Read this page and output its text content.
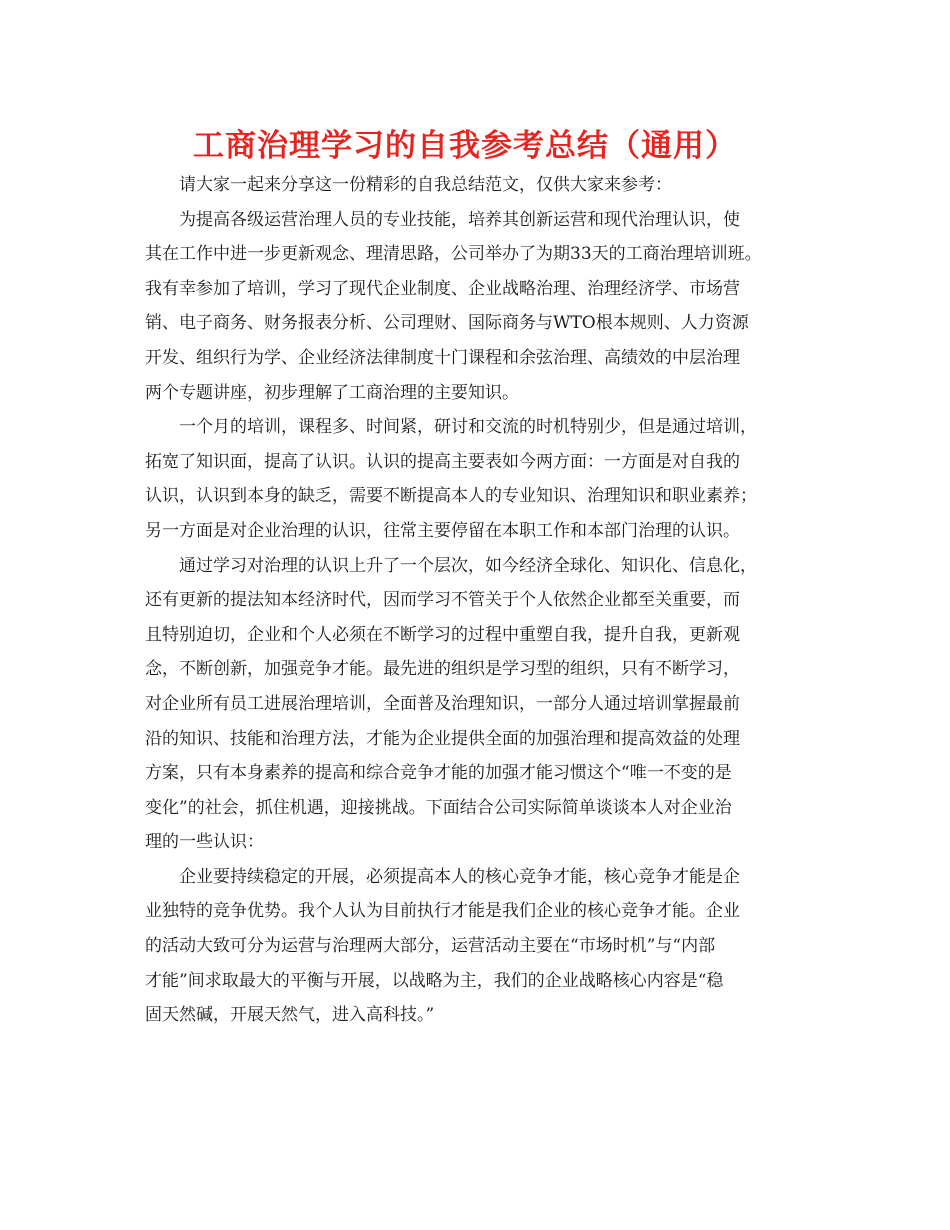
工商治理学习的自我参考总结（通用）

请大家一起来分享这一份精彩的自我总结范文，仅供大家来参考：

为提高各级运营治理人员的专业技能，培养其创新运营和现代治理认识，使
其在工作中进一步更新观念、理清思路，公司举办了为期33天的工商治理培训班。
我有幸参加了培训，学习了现代企业制度、企业战略治理、治理经济学、市场营
销、电子商务、财务报表分析、公司理财、国际商务与WTO根本规则、人力资源
开发、组织行为学、企业经济法律制度十门课程和余弦治理、高绩效的中层治理
两个专题讲座，初步理解了工商治理的主要知识。

一个月的培训，课程多、时间紧，研讨和交流的时机特别少，但是通过培训，
拓宽了知识面，提高了认识。认识的提高主要表如今两方面：一方面是对自我的
认识，认识到本身的缺乏，需要不断提高本人的专业知识、治理知识和职业素养；
另一方面是对企业治理的认识，往常主要停留在本职工作和本部门治理的认识。

通过学习对治理的认识上升了一个层次，如今经济全球化、知识化、信息化，
还有更新的提法知本经济时代，因而学习不管关于个人依然企业都至关重要，而
且特别迫切，企业和个人必须在不断学习的过程中重塑自我，提升自我，更新观
念，不断创新，加强竞争才能。最先进的组织是学习型的组织，只有不断学习，
对企业所有员工进展治理培训，全面普及治理知识，一部分人通过培训掌握最前
沿的知识、技能和治理方法，才能为企业提供全面的加强治理和提高效益的处理
方案，只有本身素养的提高和综合竞争才能的加强才能习惯这个“唯一不变的是
变化”的社会，抓住机遇，迎接挑战。下面结合公司实际简单谈谈本人对企业治
理的一些认识：

企业要持续稳定的开展，必须提高本人的核心竞争才能，核心竞争才能是企
业独特的竞争优势。我个人认为目前执行才能是我们企业的核心竞争才能。企业
的活动大致可分为运营与治理两大部分，运营活动主要在“市场时机”与“内部
才能”间求取最大的平衡与开展，以战略为主，我们的企业战略核心内容是“稳
固天然碱，开展天然气，进入高科技。”
